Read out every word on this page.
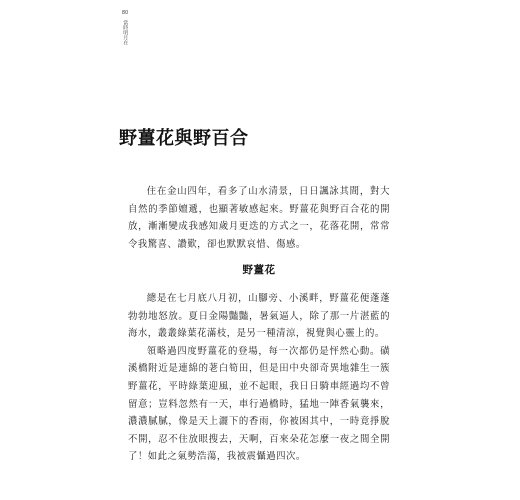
80
當時明月在
野薑花與野百合

住在金山四年，看多了山水清景，日日諷詠其間，對大自然的季節嬗遞，也顯著敏感起來。野薑花與野百合花的開放，漸漸變成我感知歲月更迭的方式之一，花落花開，常常令我驚喜、讚歎，卻也默默哀惜、傷感。

野薑花

總是在七月底八月初，山腳旁、小溪畔，野薑花便蓬蓬勃勃地怒放。夏日金陽豔豔，暑氣逼人，除了那一片湛藍的海水，叢叢綠葉花滿枝，是另一種清涼，視覺與心靈上的。

領略過四度野薑花的登場，每一次都仍是怦然心動。磺溪橋附近是連綿的荖白筍田，但是田中央卻奇異地雜生一簇野薑花，平時綠葉迎風，並不起眼，我日日騎車經過均不曾留意；豈料忽然有一天，車行過橋時，猛地一陣香氣襲來，濃濃膩膩，像是天上灑下的香雨，你被困其中，一時竟掙脫不開，忍不住放眼搜去，天啊，百來朵花怎麼一夜之間全開了！如此之氣勢浩蕩，我被震懾過四次。
